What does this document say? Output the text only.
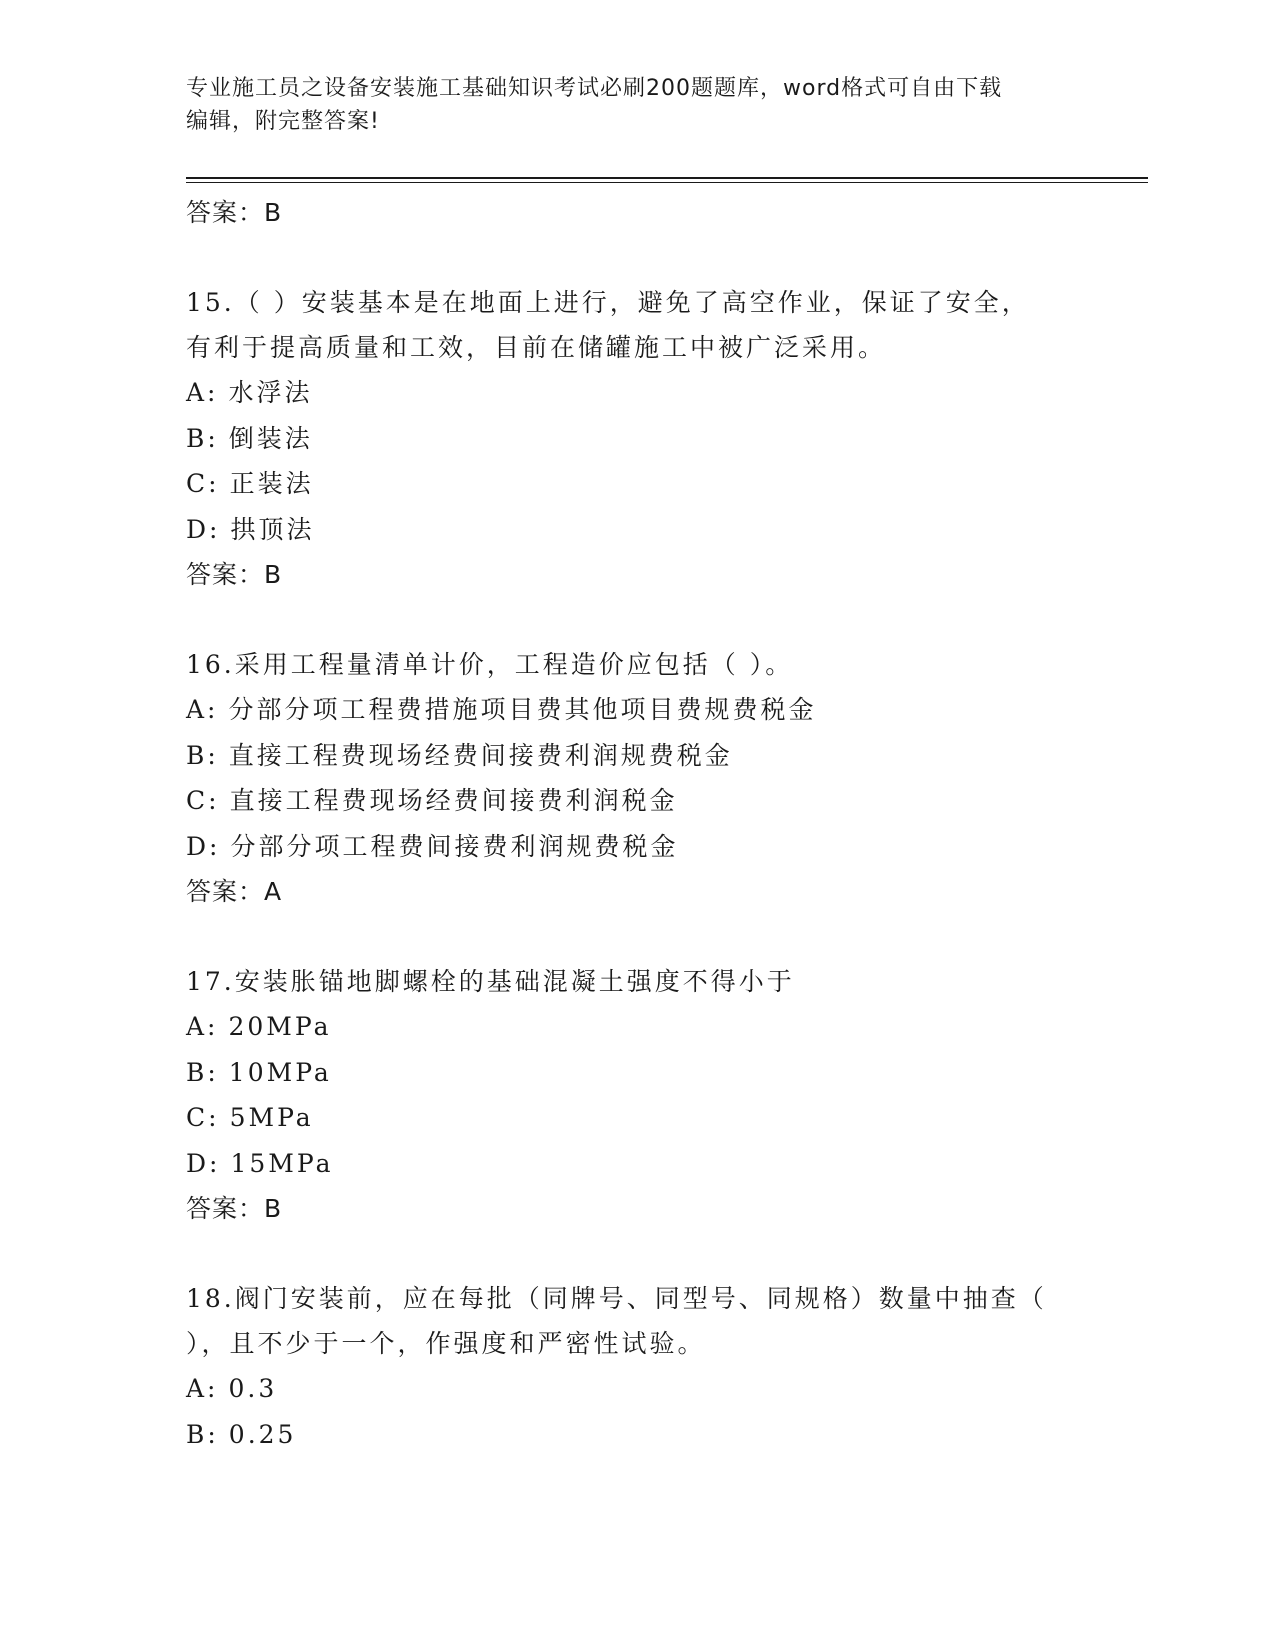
专业施工员之设备安装施工基础知识考试必刷200题题库，word格式可自由下载
编辑，附完整答案!
答案：B
15.（ ）安装基本是在地面上进行，避免了高空作业，保证了安全，
有利于提高质量和工效，目前在储罐施工中被广泛采用。
A: 水浮法
B: 倒装法
C: 正装法
D: 拱顶法
答案：B
16.采用工程量清单计价，工程造价应包括（ ）。
A: 分部分项工程费措施项目费其他项目费规费税金
B: 直接工程费现场经费间接费利润规费税金
C: 直接工程费现场经费间接费利润税金
D: 分部分项工程费间接费利润规费税金
答案：A
17.安装胀锚地脚螺栓的基础混凝土强度不得小于
A: 20MPa
B: 10MPa
C: 5MPa
D: 15MPa
答案：B
18.阀门安装前，应在每批（同牌号、同型号、同规格）数量中抽查（
），且不少于一个，作强度和严密性试验。
A: 0.3
B: 0.25
